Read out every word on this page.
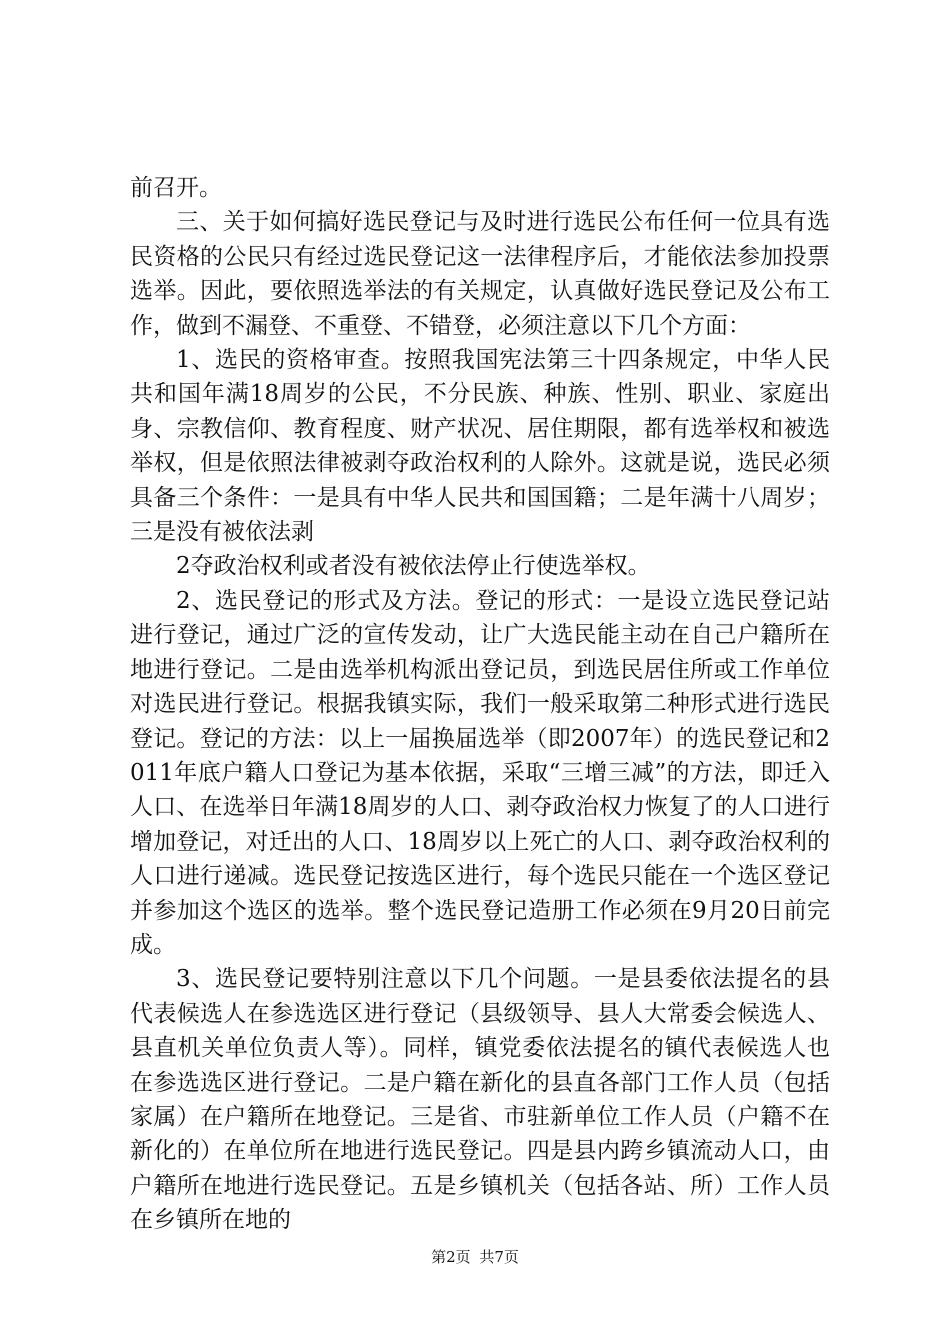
前召开。

三、关于如何搞好选民登记与及时进行选民公布任何一位具有选民资格的公民只有经过选民登记这一法律程序后，才能依法参加投票选举。因此，要依照选举法的有关规定，认真做好选民登记及公布工作，做到不漏登、不重登、不错登，必须注意以下几个方面：

1、选民的资格审查。按照我国宪法第三十四条规定，中华人民共和国年满18周岁的公民，不分民族、种族、性别、职业、家庭出身、宗教信仰、教育程度、财产状况、居住期限，都有选举权和被选举权，但是依照法律被剥夺政治权利的人除外。这就是说，选民必须具备三个条件：一是具有中华人民共和国国籍；二是年满十八周岁；三是没有被依法剥

2夺政治权利或者没有被依法停止行使选举权。

2、选民登记的形式及方法。登记的形式：一是设立选民登记站进行登记，通过广泛的宣传发动，让广大选民能主动在自己户籍所在地进行登记。二是由选举机构派出登记员，到选民居住所或工作单位对选民进行登记。根据我镇实际，我们一般采取第二种形式进行选民登记。登记的方法：以上一届换届选举（即2007年）的选民登记和2011年底户籍人口登记为基本依据，采取“三增三减”的方法，即迁入人口、在选举日年满18周岁的人口、剥夺政治权力恢复了的人口进行增加登记，对迁出的人口、18周岁以上死亡的人口、剥夺政治权利的人口进行递减。选民登记按选区进行，每个选民只能在一个选区登记并参加这个选区的选举。整个选民登记造册工作必须在9月20日前完成。

3、选民登记要特别注意以下几个问题。一是县委依法提名的县代表候选人在参选选区进行登记（县级领导、县人大常委会候选人、县直机关单位负责人等）。同样，镇党委依法提名的镇代表候选人也在参选选区进行登记。二是户籍在新化的县直各部门工作人员（包括家属）在户籍所在地登记。三是省、市驻新单位工作人员（户籍不在新化的）在单位所在地进行选民登记。四是县内跨乡镇流动人口，由户籍所在地进行选民登记。五是乡镇机关（包括各站、所）工作人员在乡镇所在地的

第2页 共7页
